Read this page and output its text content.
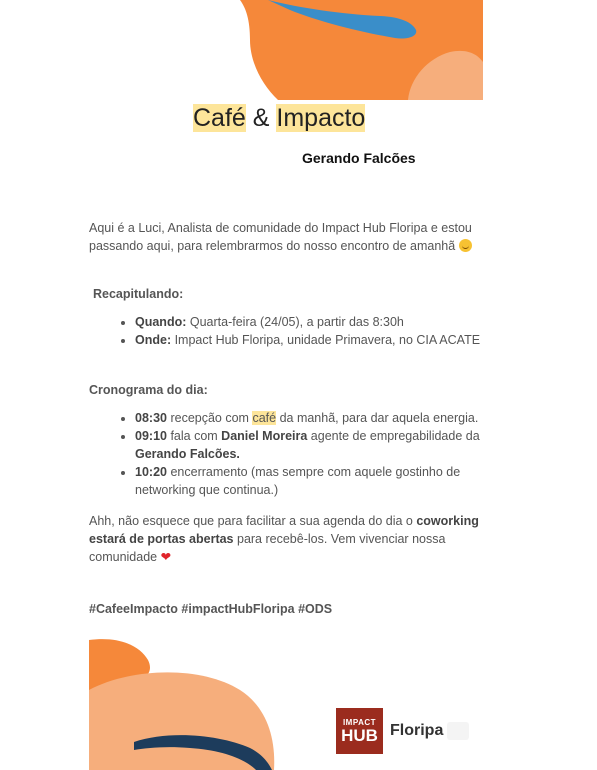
Café & Impacto
Gerando Falcões

Aqui é a Luci, Analista de comunidade do Impact Hub Floripa e estou passando aqui, para relembrarmos do nosso encontro de amanhã

Recapitulando:

• Quando: Quarta-feira (24/05), a partir das 8:30h
• Onde: Impact Hub Floripa, unidade Primavera, no CIA ACATE

Cronograma do dia:

• 08:30 recepção com café da manhã, para dar aquela energia.
• 09:10 fala com Daniel Moreira agente de empregabilidade da Gerando Falcões.
• 10:20 encerramento (mas sempre com aquele gostinho de networking que continua.)

Ahh, não esquece que para facilitar a sua agenda do dia o coworking estará de portas abertas para recebê-los. Vem vivenciar nossa comunidade ❤

#CafeeImpacto #impactHubFloripa #ODS
IMPACT
HUB Floripa
